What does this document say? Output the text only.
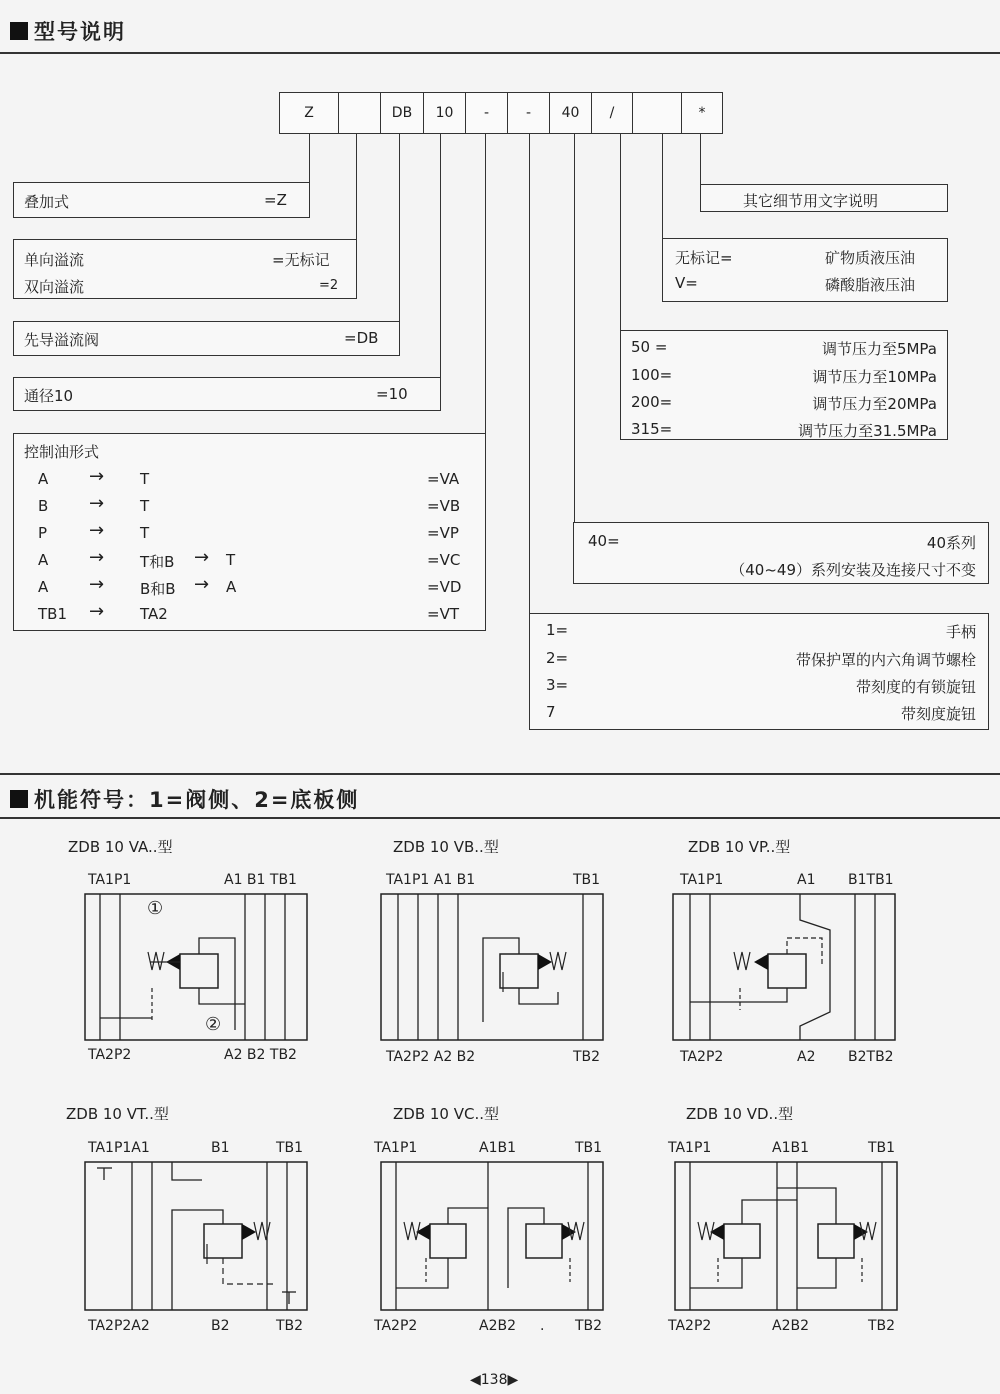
型号说明
Z	DB	10	-	-	40	/	*
叠加式	=Z
单向溢流	=无标记
双向溢流	=2
先导溢流阀	=DB
通径10	=10
控制油形式
A → T	=VA
B → T	=VB
P → T	=VP
A → T和B → T	=VC
A → B和B → A	=VD
TB1 → TA2	=VT
其它细节用文字说明
无标记=	矿物质液压油
V=	磷酸脂液压油
50 =	调节压力至5MPa
100=	调节压力至10MPa
200=	调节压力至20MPa
315=	调节压力至31.5MPa
40=	40系列
（40~49）系列安装及连接尺寸不变
1=	手柄
2=	带保护罩的内六角调节螺栓
3=	带刻度的有锁旋钮
7	带刻度旋钮
机能符号：1=阀侧、2=底板侧
ZDB 10 VA..型
TA1P1	A1 B1 TB1
TA2P2	A2 B2 TB2
①
②
ZDB 10 VB..型
TA1P1 A1 B1	TB1
TA2P2 A2 B2	TB2
ZDB 10 VP..型
TA1P1	A1 B1TB1
TA2P2	A2 B2TB2
ZDB 10 VT..型
TA1P1A1	B1	TB1
TA2P2A2	B2	TB2
ZDB 10 VC..型
TA1P1	A1B1	TB1
TA2P2	A2B2 . TB2
ZDB 10 VD..型
TA1P1	A1B1	TB1
TA2P2	A2B2	TB2
◀138▶
